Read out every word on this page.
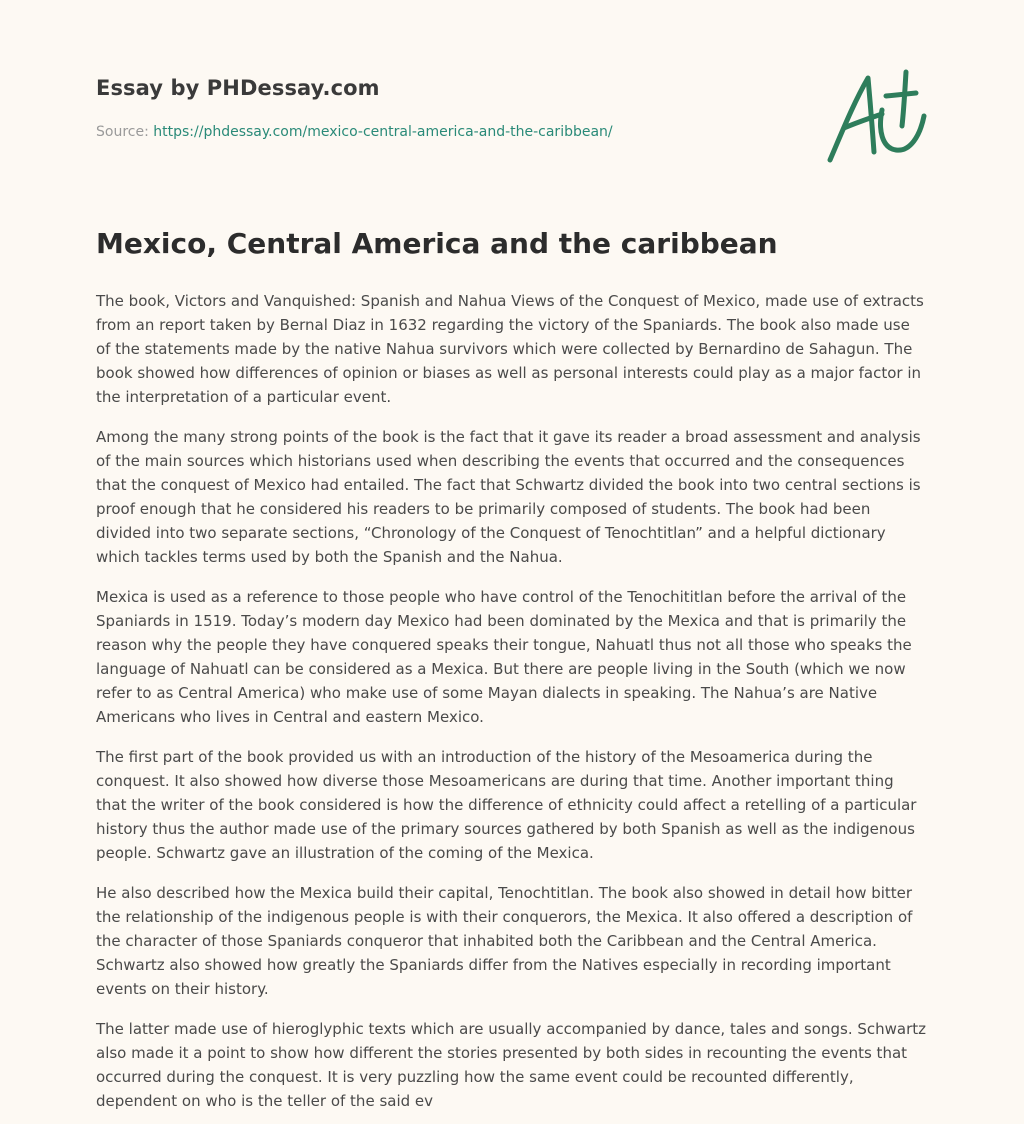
Essay by PHDessay.com
Source: https://phdessay.com/mexico-central-america-and-the-caribbean/
Mexico, Central America and the caribbean

The book, Victors and Vanquished: Spanish and Nahua Views of the Conquest of Mexico, made use of extracts from an report taken by Bernal Diaz in 1632 regarding the victory of the Spaniards. The book also made use of the statements made by the native Nahua survivors which were collected by Bernardino de Sahagun. The book showed how differences of opinion or biases as well as personal interests could play as a major factor in the interpretation of a particular event.

Among the many strong points of the book is the fact that it gave its reader a broad assessment and analysis of the main sources which historians used when describing the events that occurred and the consequences that the conquest of Mexico had entailed. The fact that Schwartz divided the book into two central sections is proof enough that he considered his readers to be primarily composed of students. The book had been divided into two separate sections, “Chronology of the Conquest of Tenochtitlan” and a helpful dictionary which tackles terms used by both the Spanish and the Nahua.

Mexica is used as a reference to those people who have control of the Tenochititlan before the arrival of the Spaniards in 1519. Today’s modern day Mexico had been dominated by the Mexica and that is primarily the reason why the people they have conquered speaks their tongue, Nahuatl thus not all those who speaks the language of Nahuatl can be considered as a Mexica. But there are people living in the South (which we now refer to as Central America) who make use of some Mayan dialects in speaking. The Nahua’s are Native Americans who lives in Central and eastern Mexico.

The first part of the book provided us with an introduction of the history of the Mesoamerica during the conquest. It also showed how diverse those Mesoamericans are during that time. Another important thing that the writer of the book considered is how the difference of ethnicity could affect a retelling of a particular history thus the author made use of the primary sources gathered by both Spanish as well as the indigenous people. Schwartz gave an illustration of the coming of the Mexica.

He also described how the Mexica build their capital, Tenochtitlan. The book also showed in detail how bitter the relationship of the indigenous people is with their conquerors, the Mexica. It also offered a description of the character of those Spaniards conqueror that inhabited both the Caribbean and the Central America. Schwartz also showed how greatly the Spaniards differ from the Natives especially in recording important events on their history.

The latter made use of hieroglyphic texts which are usually accompanied by dance, tales and songs. Schwartz also made it a point to show how different the stories presented by both sides in recounting the events that occurred during the conquest. It is very puzzling how the same event could be recounted differently, dependent on who is the teller of the said ev
